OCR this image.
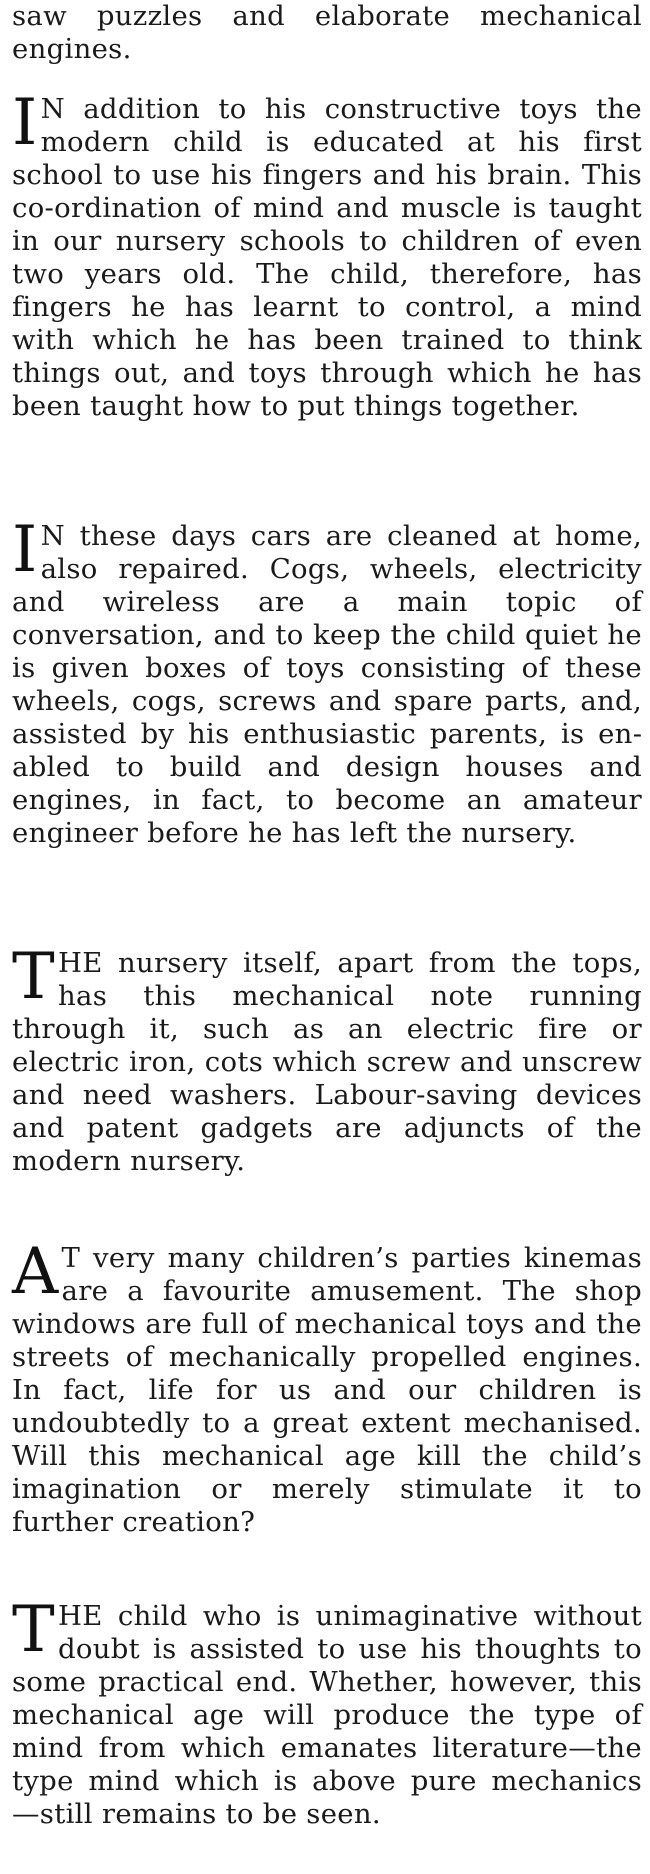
saw puzzles and elaborate mechanical engines.

I N addition to his constructive toys the modern child is educated at his first school to use his fingers and his brain. This co-ordination of mind and muscle is taught in our nursery schools to children of even two years old. The child, therefore, has fingers he has learnt to control, a mind with which he has been trained to think things out, and toys through which he has been taught how to put things together.

I N these days cars are cleaned at home, also repaired. Cogs, wheels, electricity and wireless are a main topic of conversation, and to keep the child quiet he is given boxes of toys consisting of these wheels, cogs, screws and spare parts, and, assisted by his enthusiastic parents, is enabled to build and design houses and engines, in fact, to become an amateur engineer before he has left the nursery.

THE nursery itself, apart from the tops, has this mechanical note running through it, such as an electric fire or electric iron, cots which screw and unscrew and need washers. Labour-saving devices and patent gadgets are adjuncts of the modern nursery.

A T very many children’s parties kinemas are a favourite amusement. The shop windows are full of mechanical toys and the streets of mechanically propelled engines. In fact, life for us and our children is undoubtedly to a great extent mechanised. Will this mechanical age kill the child’s imagination or merely stimulate it to further creation?

THE child who is unimaginative without doubt is assisted to use his thoughts to some practical end. Whether, however, this mechanical age will produce the type of mind from which emanates literature—the type mind which is above pure mechanics —still remains to be seen.
